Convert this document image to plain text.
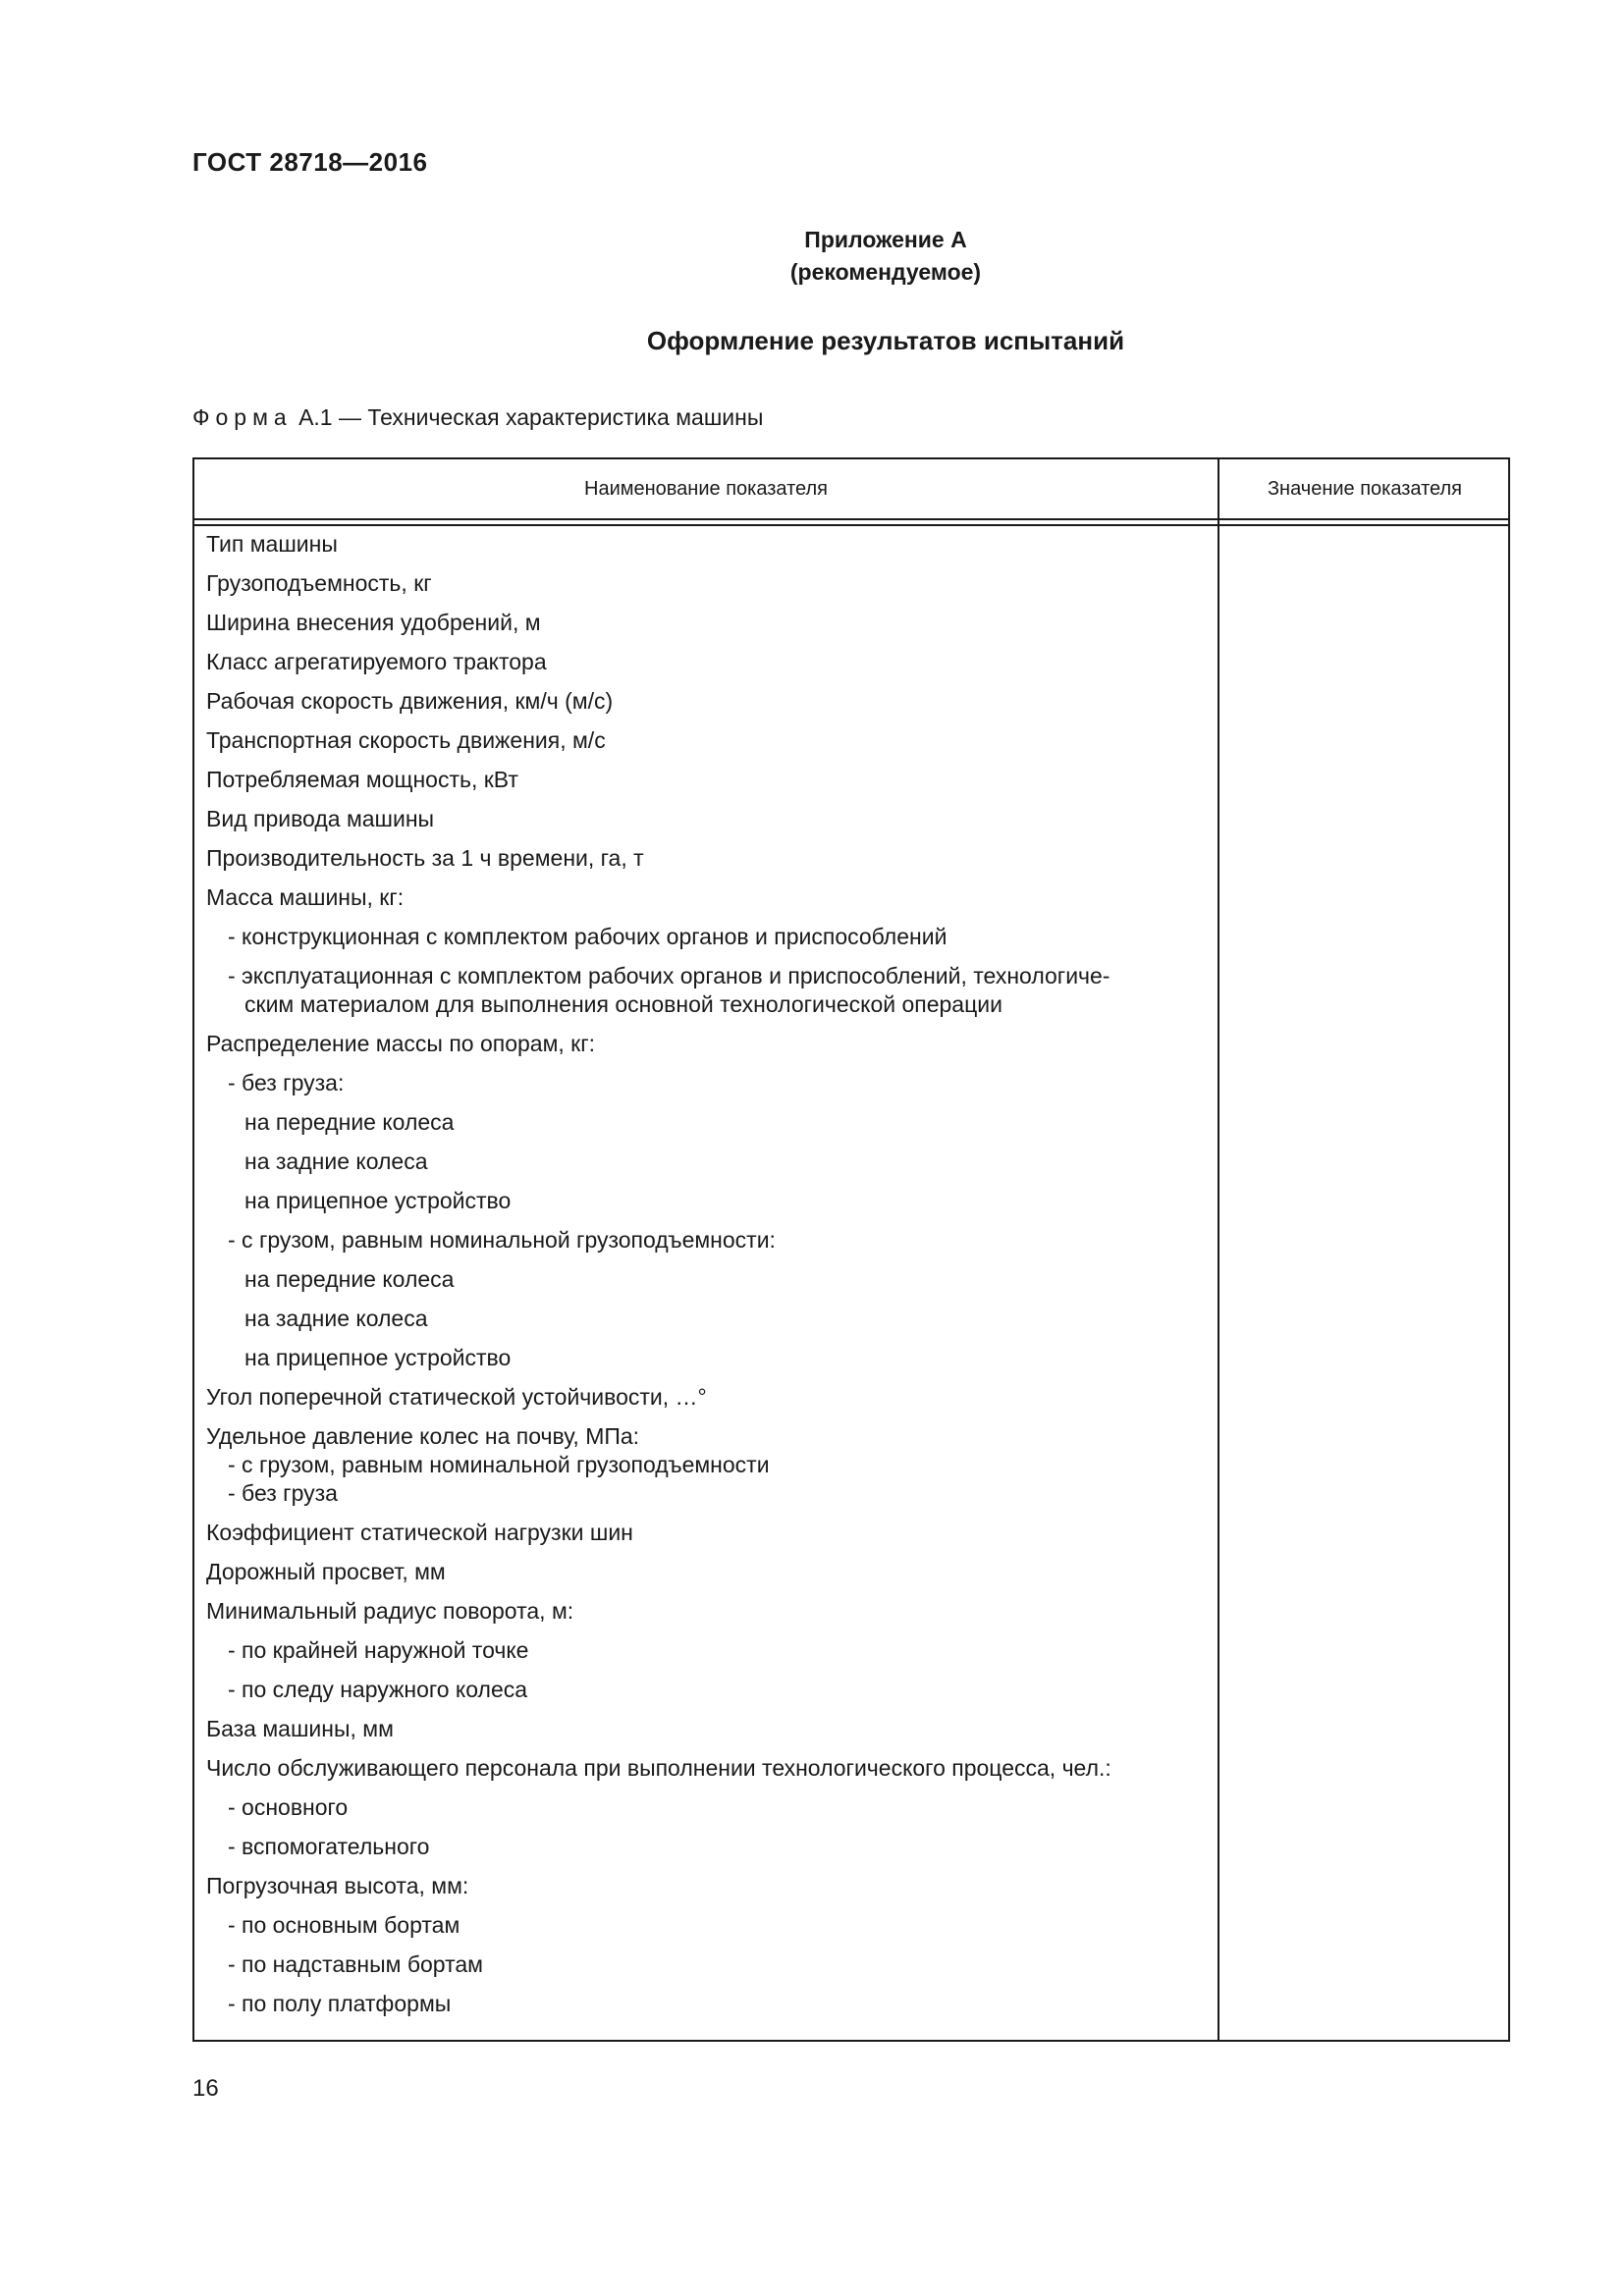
ГОСТ 28718—2016
Приложение А
(рекомендуемое)
Оформление результатов испытаний
Форма А.1 — Техническая характеристика машины
Наименование показателя	Значение показателя
Тип машины
Грузоподъемность, кг
Ширина внесения удобрений, м
Класс агрегатируемого трактора
Рабочая скорость движения, км/ч (м/с)
Транспортная скорость движения, м/с
Потребляемая мощность, кВт
Вид привода машины
Производительность за 1 ч времени, га, т
Масса машины, кг:
- конструкционная с комплектом рабочих органов и приспособлений
- эксплуатационная с комплектом рабочих органов и приспособлений, технологиче-
ским материалом для выполнения основной технологической операции
Распределение массы по опорам, кг:
- без груза:
на передние колеса
на задние колеса
на прицепное устройство
- с грузом, равным номинальной грузоподъемности:
на передние колеса
на задние колеса
на прицепное устройство
Угол поперечной статической устойчивости, …°
Удельное давление колес на почву, МПа:
- с грузом, равным номинальной грузоподъемности
- без груза
Коэффициент статической нагрузки шин
Дорожный просвет, мм
Минимальный радиус поворота, м:
- по крайней наружной точке
- по следу наружного колеса
База машины, мм
Число обслуживающего персонала при выполнении технологического процесса, чел.:
- основного
- вспомогательного
Погрузочная высота, мм:
- по основным бортам
- по надставным бортам
- по полу платформы
16
